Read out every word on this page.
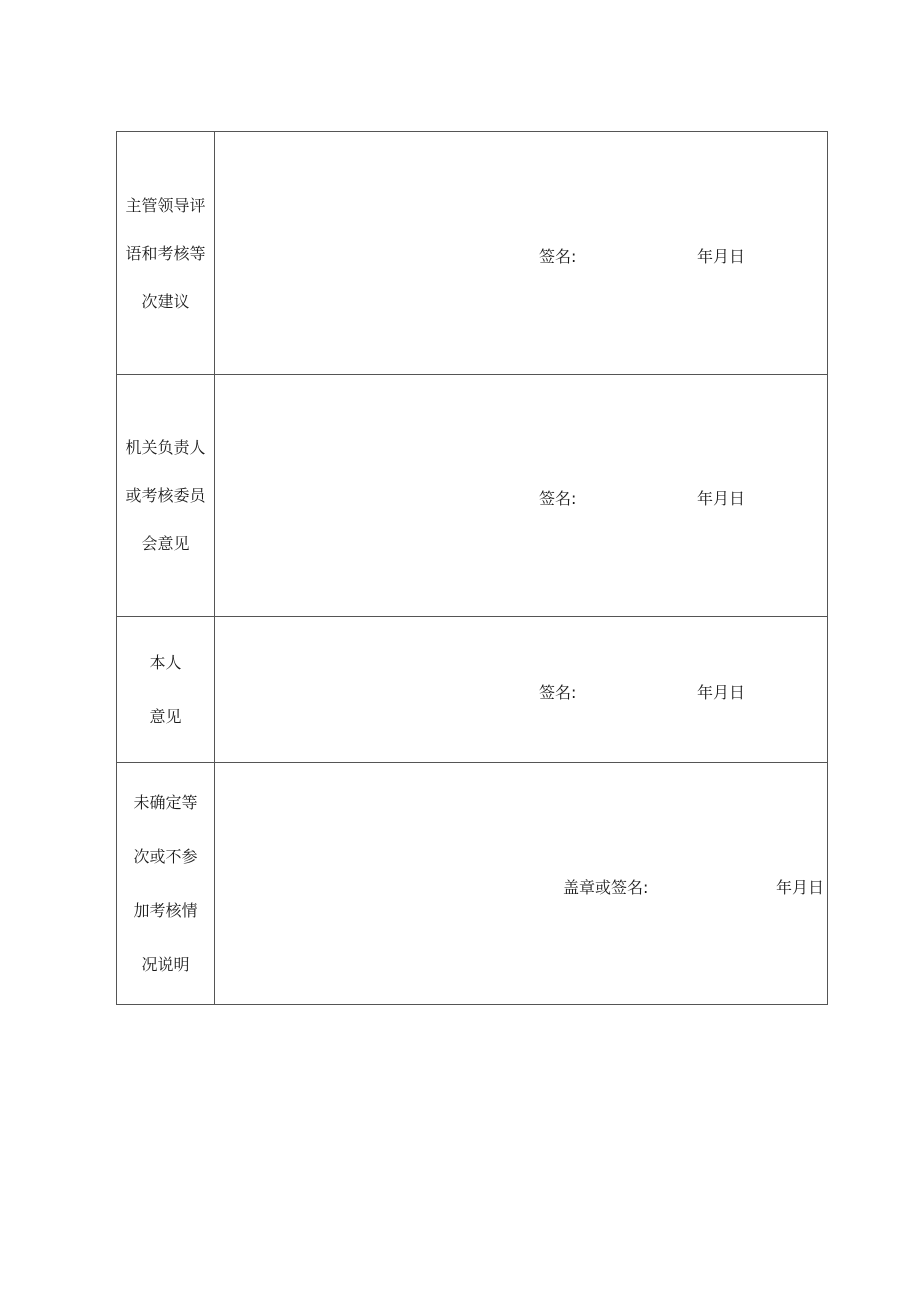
主管领导评
语和考核等
次建议
签名:	年月日
机关负责人
或考核委员
会意见
签名:	年月日
本人
意见
签名:	年月日
未确定等
次或不参
加考核情
况说明
盖章或签名:	年月日
